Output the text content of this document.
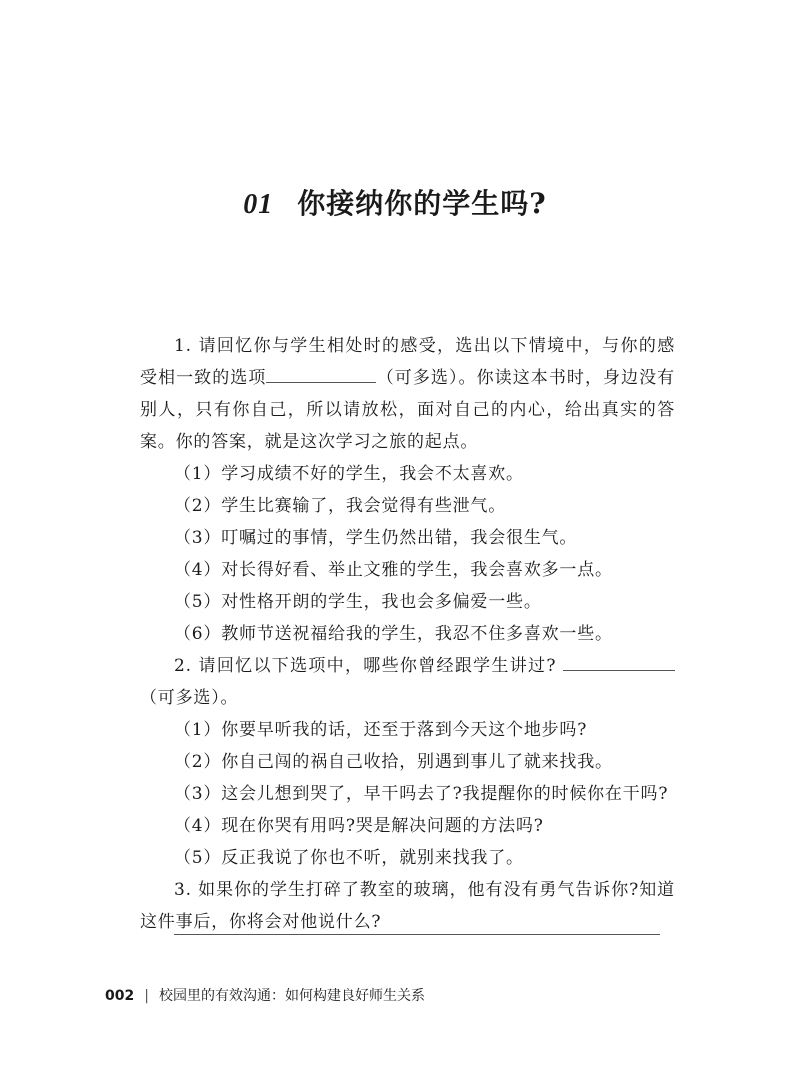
01 你接纳你的学生吗?

1. 请回忆你与学生相处时的感受，选出以下情境中，与你的感受相一致的选项	（可多选）。你读这本书时，身边没有别人，只有你自己，所以请放松，面对自己的内心，给出真实的答案。你的答案，就是这次学习之旅的起点。

（1）学习成绩不好的学生，我会不太喜欢。

（2）学生比赛输了，我会觉得有些泄气。

（3）叮嘱过的事情，学生仍然出错，我会很生气。

（4）对长得好看、举止文雅的学生，我会喜欢多一点。

（5）对性格开朗的学生，我也会多偏爱一些。

（6）教师节送祝福给我的学生，我忍不住多喜欢一些。

2. 请回忆以下选项中，哪些你曾经跟学生讲过? （可多选）。

（1）你要早听我的话，还至于落到今天这个地步吗?

（2）你自己闯的祸自己收拾，别遇到事儿了就来找我。

（3）这会儿想到哭了，早干吗去了?我提醒你的时候你在干吗?

（4）现在你哭有用吗?哭是解决问题的方法吗?

（5）反正我说了你也不听，就别来找我了。

3. 如果你的学生打碎了教室的玻璃，他有没有勇气告诉你?知道这件事后，你将会对他说什么?

002 | 校园里的有效沟通：如何构建良好师生关系
